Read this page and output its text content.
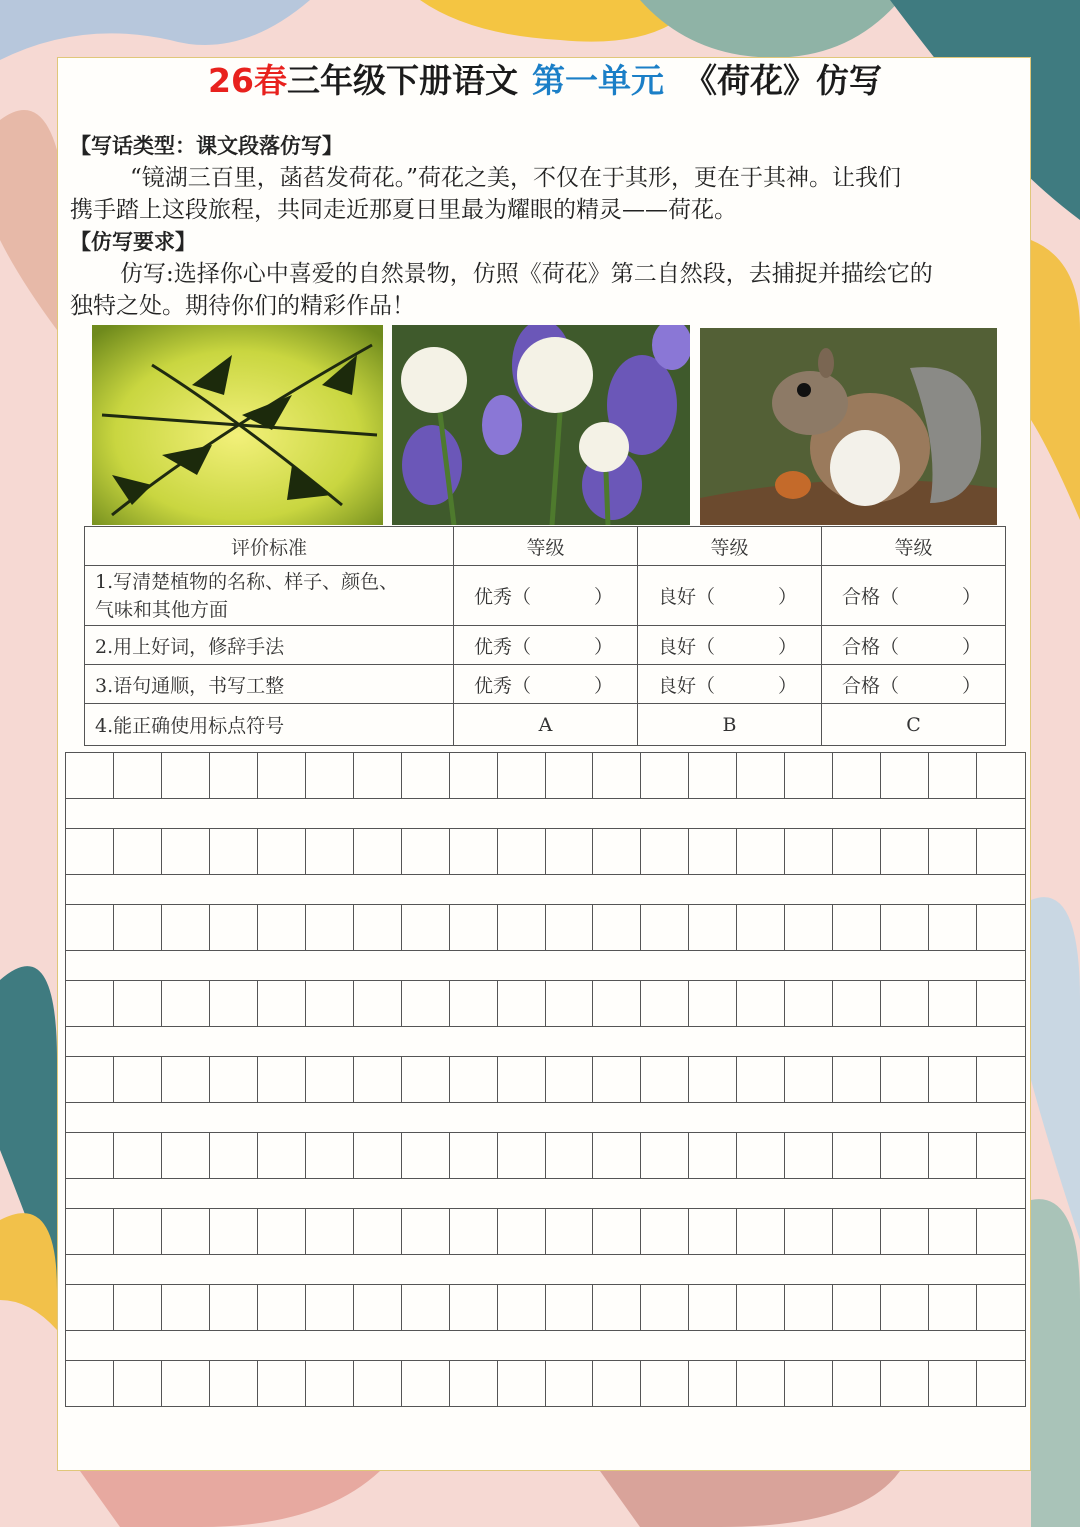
26春三年级下册语文 第一单元 《荷花》仿写
【写话类型：课文段落仿写】
“镜湖三百里，菡萏发荷花。”荷花之美，不仅在于其形，更在于其神。让我们
携手踏上这段旅程，共同走近那夏日里最为耀眼的精灵——荷花。
【仿写要求】
仿写:选择你心中喜爱的自然景物，仿照《荷花》第二自然段，去捕捉并描绘它的
独特之处。期待你们的精彩作品！
评价标准	等级	等级	等级

1.写清楚植物的名称、样子、颜色、
气味和其他方面	优秀（ ）	良好（ ）	合格（ ）
2.用上好词，修辞手法	优秀（ ）	良好（ ）	合格（ ）
3.语句通顺，书写工整	优秀（ ）	良好（ ）	合格（ ）
4.能正确使用标点符号	A	B	C
